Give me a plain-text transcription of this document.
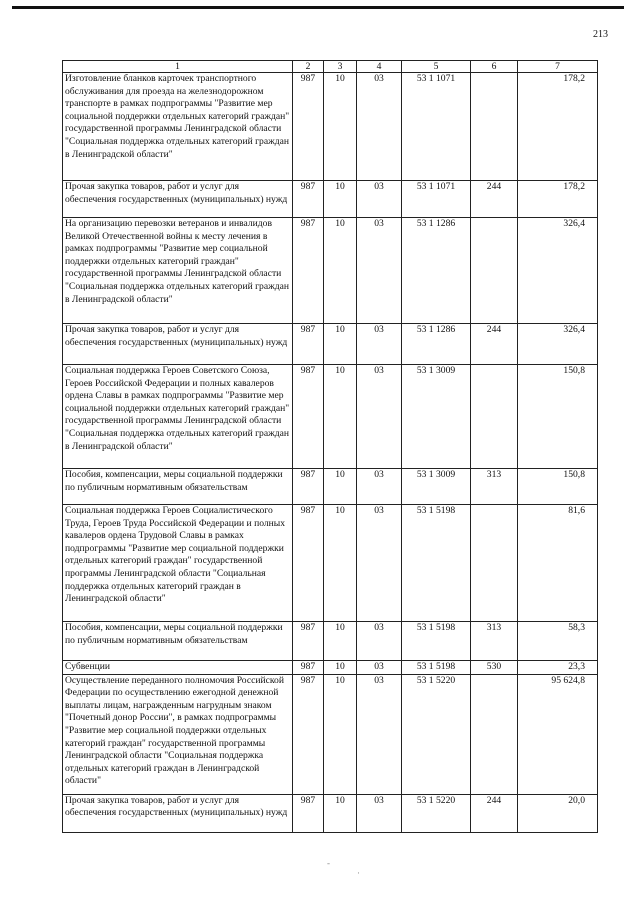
213
1	2	3	4	5	6	7
Изготовление бланков карточек транспортного обслуживания для проезда на железнодорожном транспорте в рамках подпрограммы "Развитие мер социальной поддержки отдельных категорий граждан" государственной программы Ленинградской области "Социальная поддержка отдельных категорий граждан в Ленинградской области"	987	10	03	53 1 1071		178,2
Прочая закупка товаров, работ и услуг для обеспечения государственных (муниципальных) нужд	987	10	03	53 1 1071	244	178,2
На организацию перевозки ветеранов и инвалидов Великой Отечественной войны к месту лечения в рамках подпрограммы "Развитие мер социальной поддержки отдельных категорий граждан" государственной программы Ленинградской области "Социальная поддержка отдельных категорий граждан в Ленинградской области"	987	10	03	53 1 1286		326,4
Прочая закупка товаров, работ и услуг для обеспечения государственных (муниципальных) нужд	987	10	03	53 1 1286	244	326,4
Социальная поддержка Героев Советского Союза, Героев Российской Федерации и полных кавалеров ордена Славы в рамках подпрограммы "Развитие мер социальной поддержки отдельных категорий граждан" государственной программы Ленинградской области "Социальная поддержка отдельных категорий граждан в Ленинградской области"	987	10	03	53 1 3009		150,8
Пособия, компенсации, меры социальной поддержки по публичным нормативным обязательствам	987	10	03	53 1 3009	313	150,8
Социальная поддержка Героев Социалистического Труда, Героев Труда Российской Федерации и полных кавалеров ордена Трудовой Славы в рамках подпрограммы "Развитие мер социальной поддержки отдельных категорий граждан" государственной программы Ленинградской области "Социальная поддержка отдельных категорий граждан в Ленинградской области"	987	10	03	53 1 5198		81,6
Пособия, компенсации, меры социальной поддержки по публичным нормативным обязательствам	987	10	03	53 1 5198	313	58,3
Субвенции	987	10	03	53 1 5198	530	23,3
Осуществление переданного полномочия Российской Федерации по осуществлению ежегодной денежной выплаты лицам, награжденным нагрудным знаком "Почетный донор России", в рамках подпрограммы "Развитие мер социальной поддержки отдельных категорий граждан" государственной программы Ленинградской области "Социальная поддержка отдельных категорий граждан в Ленинградской области"	987	10	03	53 1 5220		95 624,8
Прочая закупка товаров, работ и услуг для обеспечения государственных (муниципальных) нужд	987	10	03	53 1 5220	244	20,0
‐
·
